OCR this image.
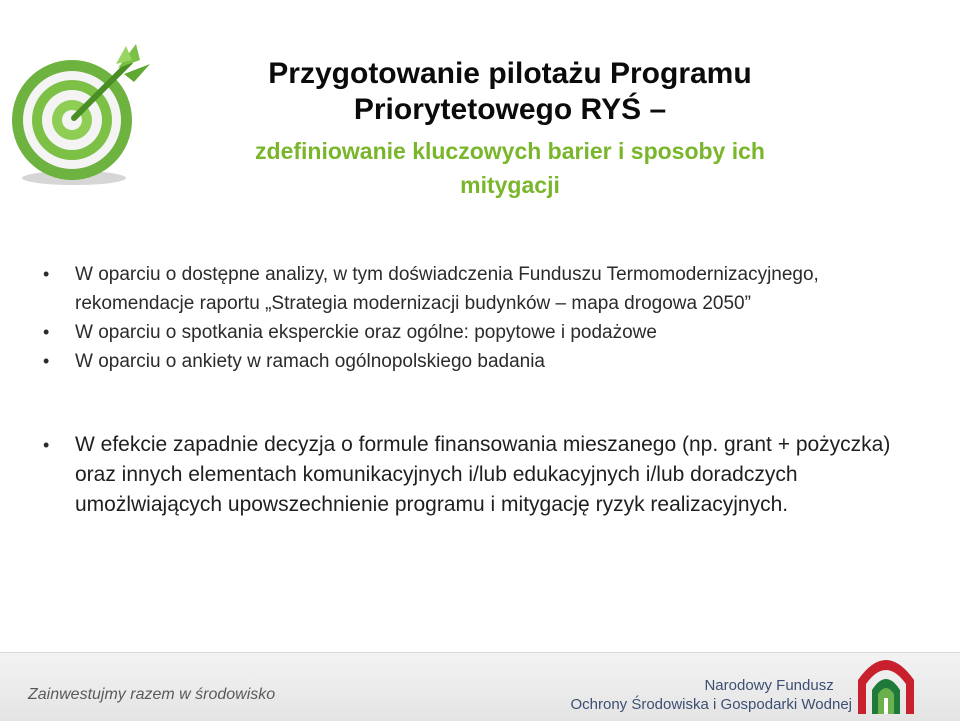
Przygotowanie pilotażu Programu
Priorytetowego RYŚ –
zdefiniowanie kluczowych barier i sposoby ich
mitygacji
• W oparciu o dostępne analizy, w tym doświadczenia Funduszu Termomodernizacyjnego, rekomendacje raportu „Strategia modernizacji budynków – mapa drogowa 2050”
• W oparciu o spotkania eksperckie oraz ogólne: popytowe i podażowe
• W oparciu o ankiety w ramach ogólnopolskiego badania
• W efekcie zapadnie decyzja o formule finansowania mieszanego (np. grant + pożyczka) oraz innych elementach komunikacyjnych i/lub edukacyjnych i/lub doradczych umożlwiających upowszechnienie programu i mitygację ryzyk realizacyjnych.
Zainwestujmy razem w środowisko
Narodowy Fundusz
Ochrony Środowiska i Gospodarki Wodnej
